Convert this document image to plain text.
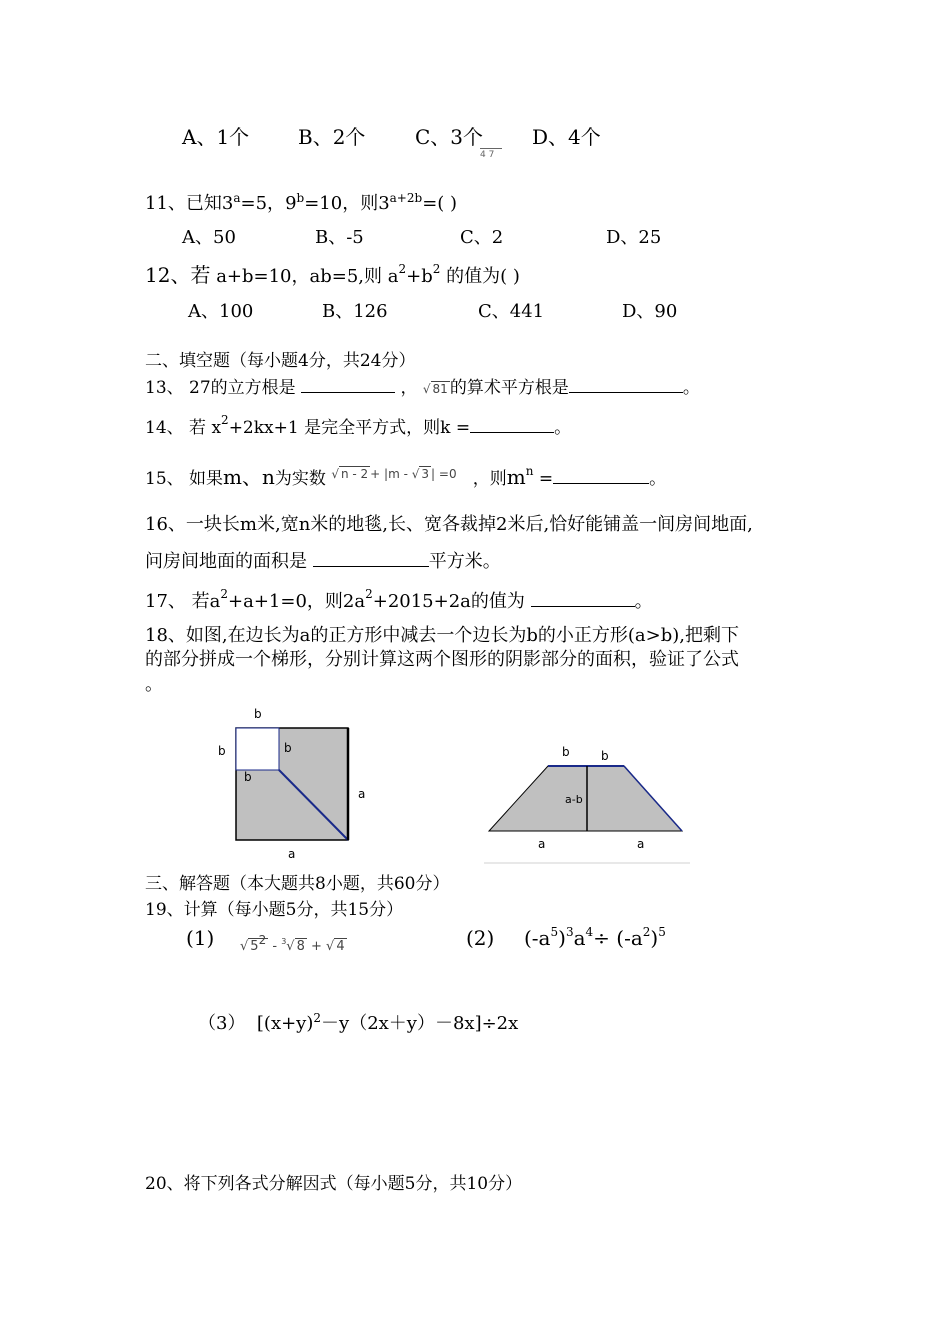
A、1个 B、2个 C、3个 D、4个
4 7
11、已知$3^a=5$，$9^b=10$，则$3^{a+2b}=$( )
A、50	B、-5	C、2	D、25
12、若 a+b=10，ab=5,则 $a^2+b^2$ 的值为( )
A、100	B、126	C、441	D、90
二、填空题（每小题4分，共24分）
13、 27的立方根是	， √ 81 的算术平方根是	。
14、 若 $x^2+2kx+1$ 是完全平方式，则k =	。
15、 如果m、n为实数 $^{√ n - 2 + |m - √ 3 | =0}$ ，则$m^n$ =	。
16、一块长m米,宽n米的地毯,长、宽各裁掉2米后,恰好能铺盖一间房间地面,
问房间地面的面积是	平方米。
17、 若$a^2+a+1=0$，则$2a^2+2015+2a$的值为	。
18、如图,在边长为a的正方形中减去一个边长为b的小正方形(a>b),把剩下
的部分拼成一个梯形，分别计算这两个图形的阴影部分的面积，验证了公式
。
b
b	b
b
a
a
b	b
a-b
a	a
三、解答题（本大题共8小题，共60分）
19、计算（每小题5分，共15分）
(1) √ $5^2 - ^3√$ 8 + √ 4	(2) $(-a^5)^3a^4\div (-a^2)^5$
（3） $[(x+y)^2-y(2x+y)-8x]\div 2x$
20、将下列各式分解因式（每小题5分，共10分）
